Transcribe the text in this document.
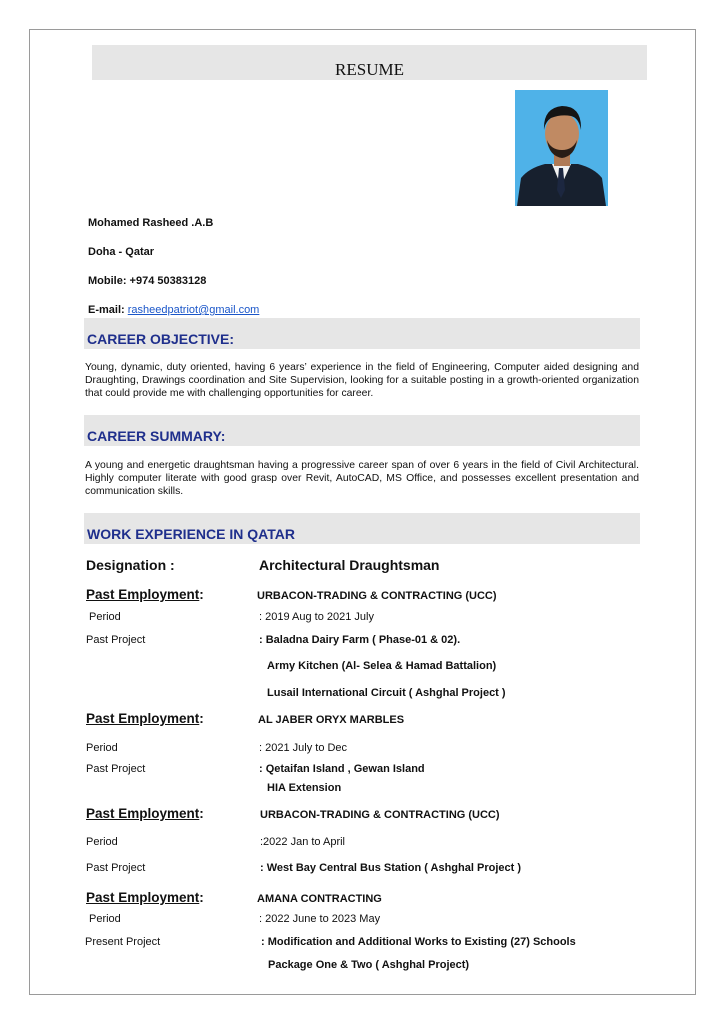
RESUME
Mohamed Rasheed .A.B
Doha - Qatar
Mobile: +974 50383128
E-mail: rasheedpatriot@gmail.com
CAREER OBJECTIVE:
Young, dynamic, duty oriented, having 6 years’ experience in the field of Engineering, Computer aided designing and Draughting, Drawings coordination and Site Supervision, looking for a suitable posting in a growth-oriented organization that could provide me with challenging opportunities for career.
CAREER SUMMARY:
A young and energetic draughtsman having a progressive career span of over 6 years in the field of Civil Architectural. Highly computer literate with good grasp over Revit, AutoCAD, MS Office, and possesses excellent presentation and communication skills.
WORK EXPERIENCE IN QATAR
Designation :	Architectural Draughtsman
Past Employment:	URBACON-TRADING & CONTRACTING (UCC)
Period	: 2019 Aug to 2021 July
Past Project	: Baladna Dairy Farm ( Phase-01 & 02).
Army Kitchen (Al- Selea & Hamad Battalion)
Lusail International Circuit ( Ashghal Project )
Past Employment:	AL JABER ORYX MARBLES
Period	: 2021 July to Dec
Past Project	: Qetaifan Island , Gewan Island
HIA Extension
Past Employment:	URBACON-TRADING & CONTRACTING (UCC)
Period	:2022 Jan to April
Past Project	: West Bay Central Bus Station ( Ashghal Project )
Past Employment:	AMANA CONTRACTING
Period	: 2022 June to 2023 May
Present Project	: Modification and Additional Works to Existing (27) Schools
Package One & Two ( Ashghal Project)
